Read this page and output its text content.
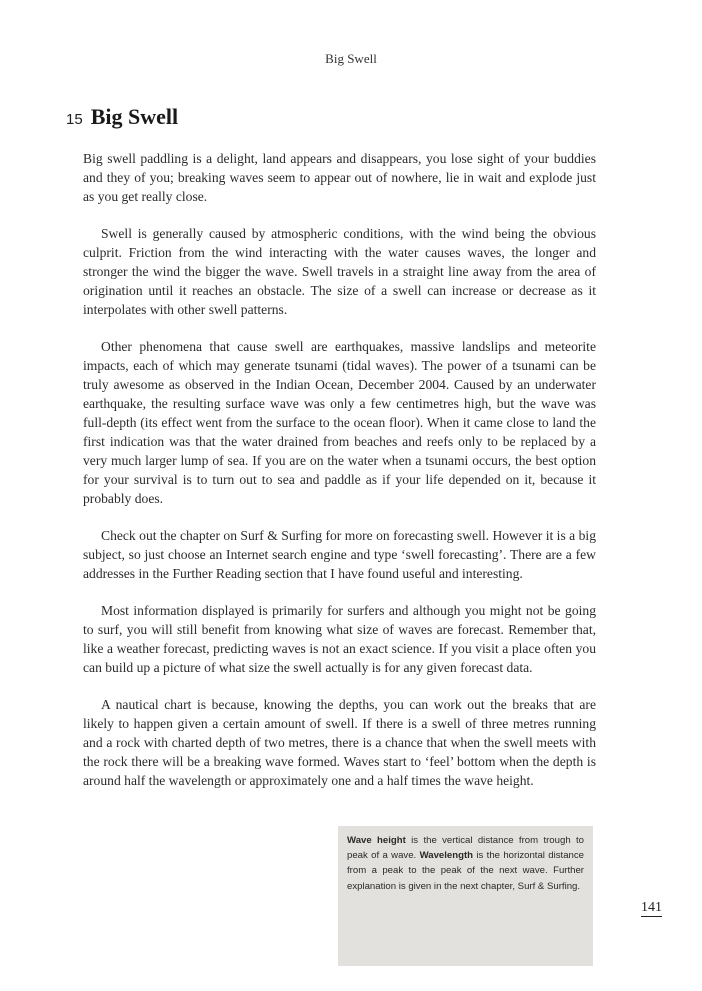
Big Swell
15 Big Swell

Big swell paddling is a delight, land appears and disappears, you lose sight of your buddies and they of you; breaking waves seem to appear out of nowhere, lie in wait and explode just as you get really close.

Swell is generally caused by atmospheric conditions, with the wind being the obvious culprit. Friction from the wind interacting with the water causes waves, the longer and stronger the wind the bigger the wave. Swell travels in a straight line away from the area of origination until it reaches an obstacle. The size of a swell can increase or decrease as it interpolates with other swell patterns.

Other phenomena that cause swell are earthquakes, massive landslips and meteorite impacts, each of which may generate tsunami (tidal waves). The power of a tsunami can be truly awesome as observed in the Indian Ocean, December 2004. Caused by an underwater earthquake, the resulting surface wave was only a few centimetres high, but the wave was full-depth (its effect went from the surface to the ocean floor). When it came close to land the first indication was that the water drained from beaches and reefs only to be replaced by a very much larger lump of sea. If you are on the water when a tsunami occurs, the best option for your survival is to turn out to sea and paddle as if your life depended on it, because it probably does.

Check out the chapter on Surf & Surfing for more on forecasting swell. However it is a big subject, so just choose an Internet search engine and type ‘swell forecasting’. There are a few addresses in the Further Reading section that I have found useful and interesting.

Most information displayed is primarily for surfers and although you might not be going to surf, you will still benefit from knowing what size of waves are forecast. Remember that, like a weather forecast, predicting waves is not an exact science. If you visit a place often you can build up a picture of what size the swell actually is for any given forecast data.

A nautical chart is because, knowing the depths, you can work out the breaks that are likely to happen given a certain amount of swell. If there is a swell of three metres running and a rock with charted depth of two metres, there is a chance that when the swell meets with the rock there will be a breaking wave formed. Waves start to ‘feel’ bottom when the depth is around half the wavelength or approximately one and a half times the wave height.

Wave height is the vertical distance from trough to peak of a wave. Wavelength is the horizontal distance from a peak to the peak of the next wave. Further explanation is given in the next chapter, Surf & Surfing.
141
